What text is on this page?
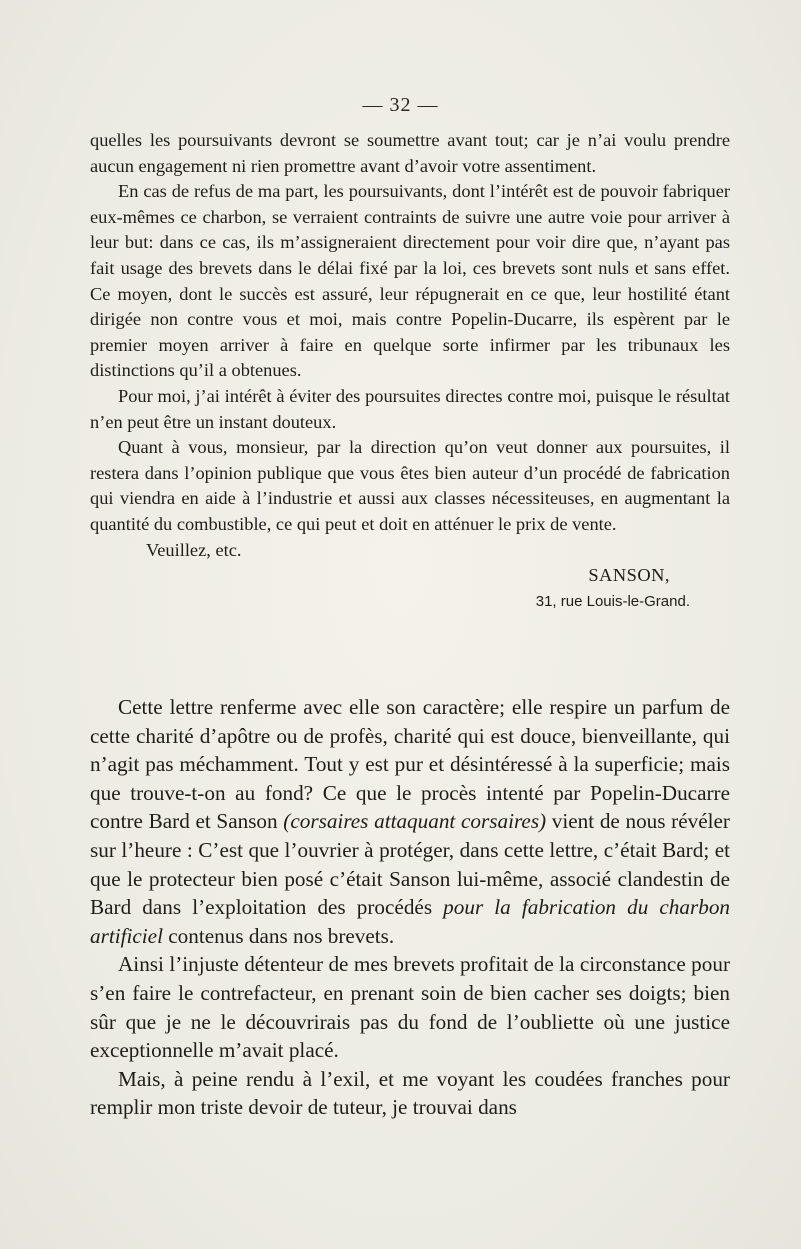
— 32 —

quelles les poursuivants devront se soumettre avant tout; car je n’ai voulu prendre aucun engagement ni rien promettre avant d’avoir votre assentiment.

En cas de refus de ma part, les poursuivants, dont l’intérêt est de pouvoir fabriquer eux-mêmes ce charbon, se verraient contraints de suivre une autre voie pour arriver à leur but: dans ce cas, ils m’assigneraient directement pour voir dire que, n’ayant pas fait usage des brevets dans le délai fixé par la loi, ces brevets sont nuls et sans effet. Ce moyen, dont le succès est assuré, leur répugnerait en ce que, leur hostilité étant dirigée non contre vous et moi, mais contre Popelin-Ducarre, ils espèrent par le premier moyen arriver à faire en quelque sorte infirmer par les tribunaux les distinctions qu’il a obtenues.

Pour moi, j’ai intérêt à éviter des poursuites directes contre moi, puisque le résultat n’en peut être un instant douteux.

Quant à vous, monsieur, par la direction qu’on veut donner aux poursuites, il restera dans l’opinion publique que vous êtes bien auteur d’un procédé de fabrication qui viendra en aide à l’industrie et aussi aux classes nécessiteuses, en augmentant la quantité du combustible, ce qui peut et doit en atténuer le prix de vente.

Veuillez, etc.

SANSON,

31, rue Louis-le-Grand.

Cette lettre renferme avec elle son caractère; elle respire un parfum de cette charité d’apôtre ou de profès, charité qui est douce, bienveillante, qui n’agit pas méchamment. Tout y est pur et désintéressé à la superficie; mais que trouve-t-on au fond? Ce que le procès intenté par Popelin-Ducarre contre Bard et Sanson (corsaires attaquant corsaires) vient de nous révéler sur l’heure : C’est que l’ouvrier à protéger, dans cette lettre, c’était Bard; et que le protecteur bien posé c’était Sanson lui-même, associé clandestin de Bard dans l’exploitation des procédés pour la fabrication du charbon artificiel contenus dans nos brevets.

Ainsi l’injuste détenteur de mes brevets profitait de la circonstance pour s’en faire le contrefacteur, en prenant soin de bien cacher ses doigts; bien sûr que je ne le découvrirais pas du fond de l’oubliette où une justice exceptionnelle m’avait placé.

Mais, à peine rendu à l’exil, et me voyant les coudées franches pour remplir mon triste devoir de tuteur, je trouvai dans
